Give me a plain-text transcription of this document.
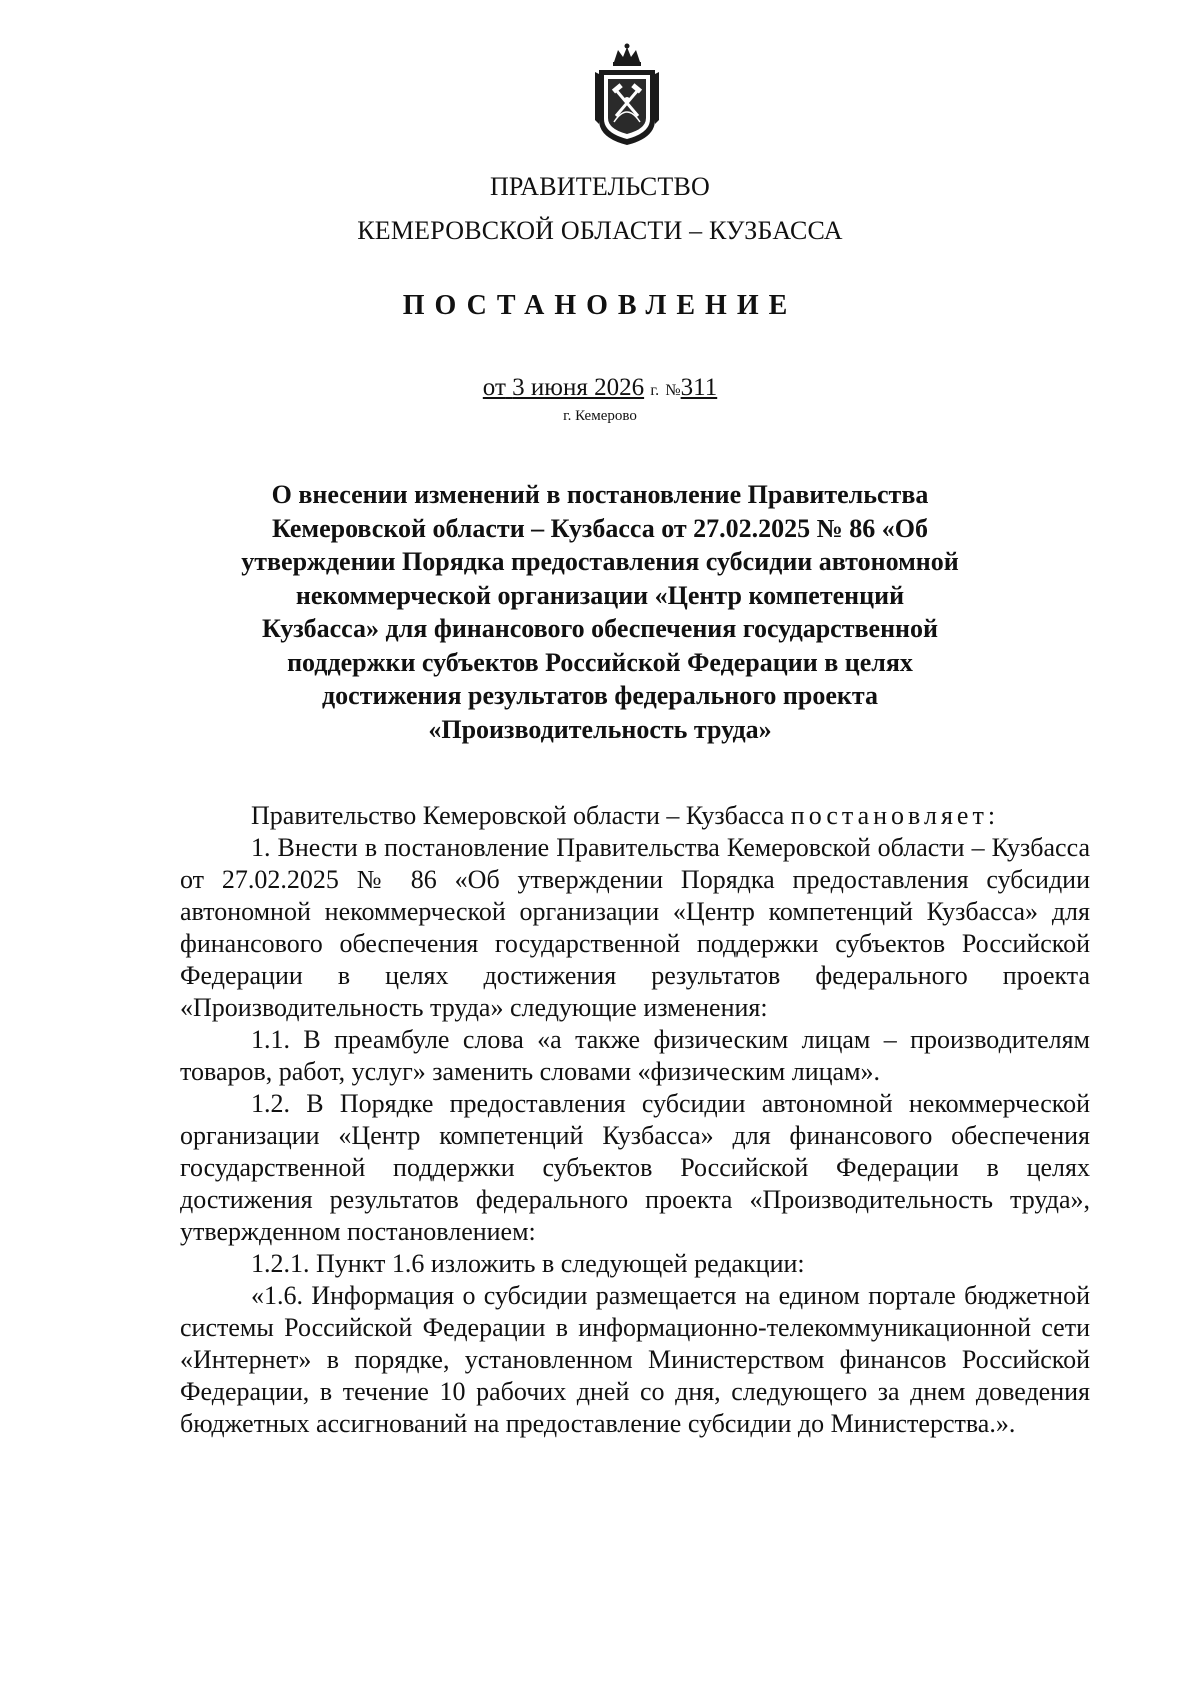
ПРАВИТЕЛЬСТВО
КЕМЕРОВСКОЙ ОБЛАСТИ – КУЗБАССА
ПОСТАНОВЛЕНИЕ
от 3 июня 2026 г. №311
г. Кемерово
О внесении изменений в постановление Правительства Кемеровской области – Кузбасса от 27.02.2025 № 86 «Об утверждении Порядка предоставления субсидии автономной некоммерческой организации «Центр компетенций Кузбасса» для финансового обеспечения государственной поддержки субъектов Российской Федерации в целях достижения результатов федерального проекта «Производительность труда»

Правительство Кемеровской области – Кузбасса постановляет:

1. Внести в постановление Правительства Кемеровской области – Кузбасса от 27.02.2025 № 86 «Об утверждении Порядка предоставления субсидии автономной некоммерческой организации «Центр компетенций Кузбасса» для финансового обеспечения государственной поддержки субъектов Российской Федерации в целях достижения результатов федерального проекта «Производительность труда» следующие изменения:

1.1. В преамбуле слова «а также физическим лицам – производителям товаров, работ, услуг» заменить словами «физическим лицам».

1.2. В Порядке предоставления субсидии автономной некоммерческой организации «Центр компетенций Кузбасса» для финансового обеспечения государственной поддержки субъектов Российской Федерации в целях достижения результатов федерального проекта «Производительность труда», утвержденном постановлением:

1.2.1. Пункт 1.6 изложить в следующей редакции:

«1.6. Информация о субсидии размещается на едином портале бюджетной системы Российской Федерации в информационно-телекоммуникационной сети «Интернет» в порядке, установленном Министерством финансов Российской Федерации, в течение 10 рабочих дней со дня, следующего за днем доведения бюджетных ассигнований на предоставление субсидии до Министерства.».
